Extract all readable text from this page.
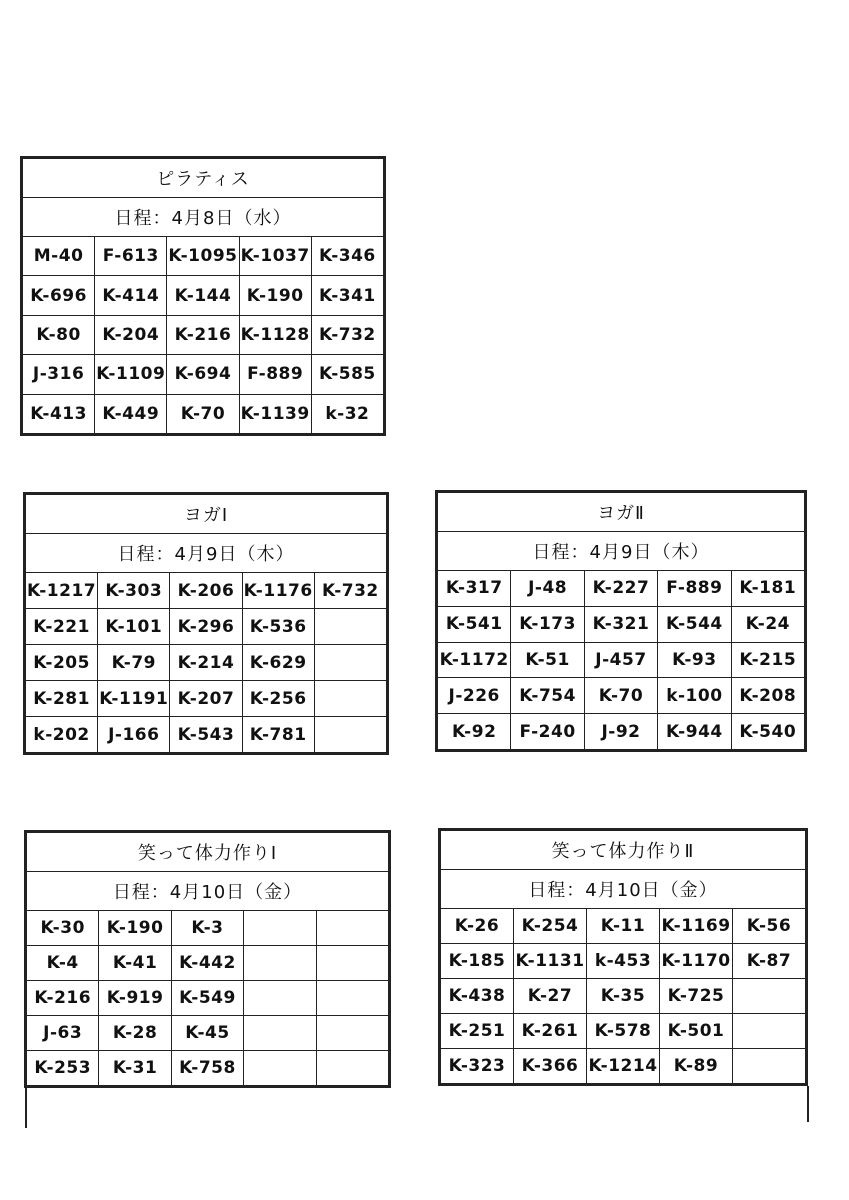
ピラティス				
日程：4月8日（水）				
M-40	F-613	K-1095	K-1037	K-346
K-696	K-414	K-144	K-190	K-341
K-80	K-204	K-216	K-1128	K-732
J-316	K-1109	K-694	F-889	K-585
K-413	K-449	K-70	K-1139	k-32
ヨガⅠ				
日程：4月9日（木）				
K-1217	K-303	K-206	K-1176	K-732
K-221	K-101	K-296	K-536	
K-205	K-79	K-214	K-629	
K-281	K-1191	K-207	K-256	
k-202	J-166	K-543	K-781	
ヨガⅡ				
日程：4月9日（木）				
K-317	J-48	K-227	F-889	K-181
K-541	K-173	K-321	K-544	K-24
K-1172	K-51	J-457	K-93	K-215
J-226	K-754	K-70	k-100	K-208
K-92	F-240	J-92	K-944	K-540
笑って体力作りⅠ				
日程：4月10日（金）				
K-30	K-190	K-3		
K-4	K-41	K-442		
K-216	K-919	K-549		
J-63	K-28	K-45		
K-253	K-31	K-758		
笑って体力作りⅡ				
日程：4月10日（金）				
K-26	K-254	K-11	K-1169	K-56
K-185	K-1131	k-453	K-1170	K-87
K-438	K-27	K-35	K-725	
K-251	K-261	K-578	K-501	
K-323	K-366	K-1214	K-89	
